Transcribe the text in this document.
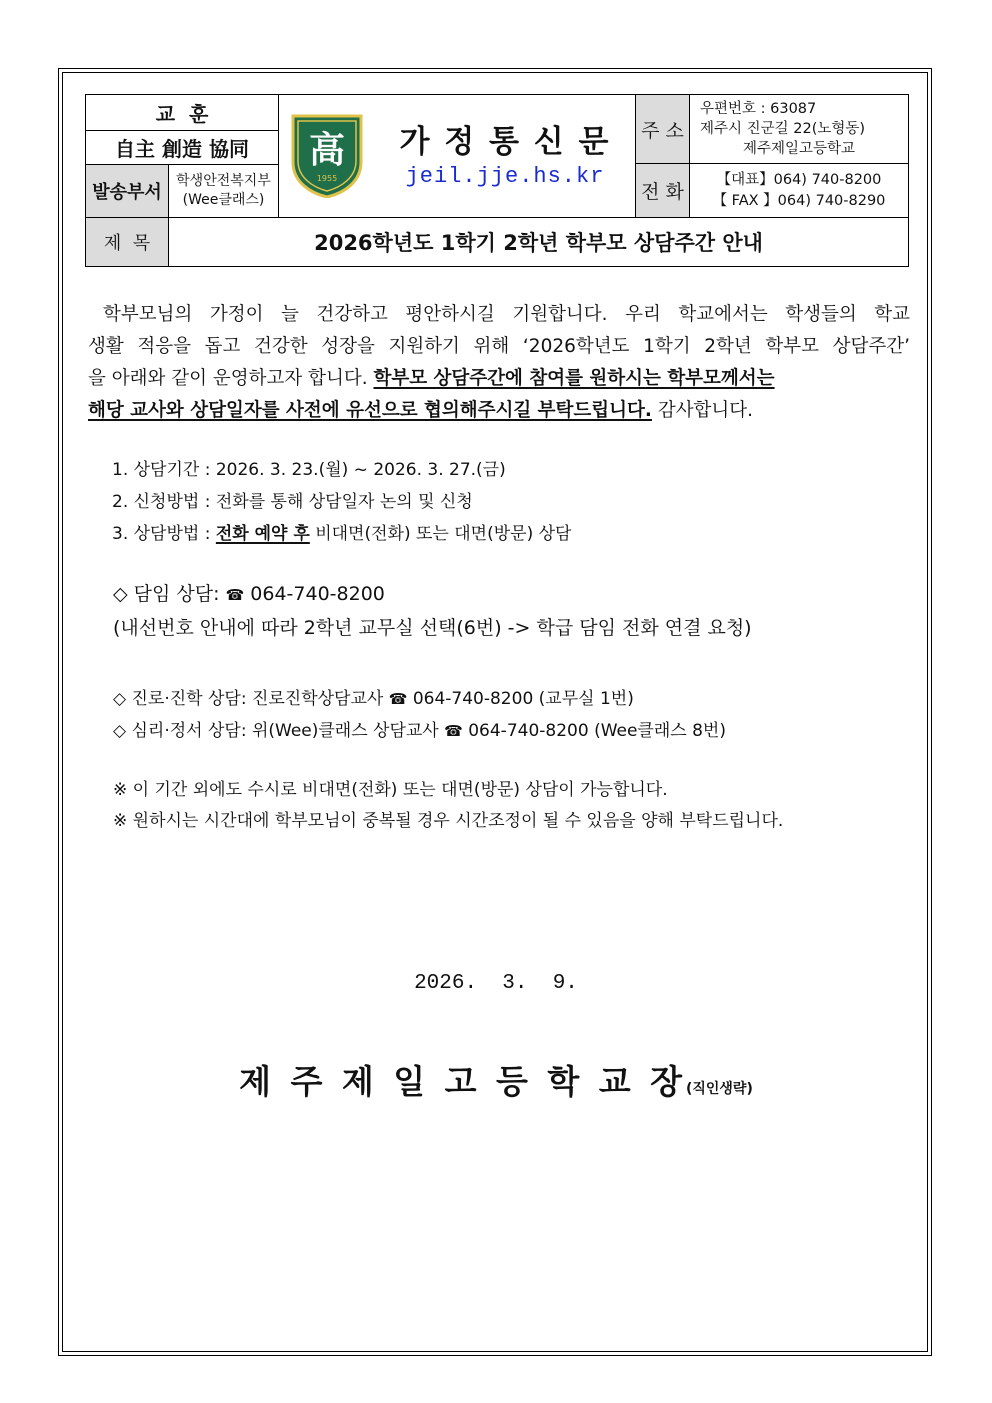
교  훈
自主 創造 協同
발송부서
학생안전복지부
(Wee클래스)
高
1955
가 정 통 신 문
jeil.jje.hs.kr
주 소
우편번호 : 63087
제주시 진군길 22(노형동)
제주제일고등학교
전 화
【대표】064) 740-8200
【 FAX 】064) 740-8290
제  목	2026학년도 1학기 2학년 학부모 상담주간 안내
학부모님의 가정이 늘 건강하고 평안하시길 기원합니다. 우리 학교에서는 학생들의 학교
생활 적응을 돕고 건강한 성장을 지원하기 위해 ‘2026학년도 1학기 2학년 학부모 상담주간’
을 아래와 같이 운영하고자 합니다. 학부모 상담주간에 참여를 원하시는 학부모께서는
해당 교사와 상담일자를 사전에 유선으로 협의해주시길 부탁드립니다. 감사합니다.
1. 상담기간 : 2026. 3. 23.(월) ~ 2026. 3. 27.(금)
2. 신청방법 : 전화를 통해 상담일자 논의 및 신청
3. 상담방법 : 전화 예약 후 비대면(전화) 또는 대면(방문) 상담
◇ 담임 상담: ☎ 064-740-8200
(내선번호 안내에 따라 2학년 교무실 선택(6번) -> 학급 담임 전화 연결 요청)
◇ 진로·진학 상담: 진로진학상담교사 ☎ 064-740-8200 (교무실 1번)
◇ 심리·정서 상담: 위(Wee)클래스 상담교사 ☎ 064-740-8200 (Wee클래스 8번)
※ 이 기간 외에도 수시로 비대면(전화) 또는 대면(방문) 상담이 가능합니다.
※ 원하시는 시간대에 학부모님이 중복될 경우 시간조정이 될 수 있음을 양해 부탁드립니다.
2026.  3.  9.
제 주 제 일 고 등 학 교 장(직인생략)
